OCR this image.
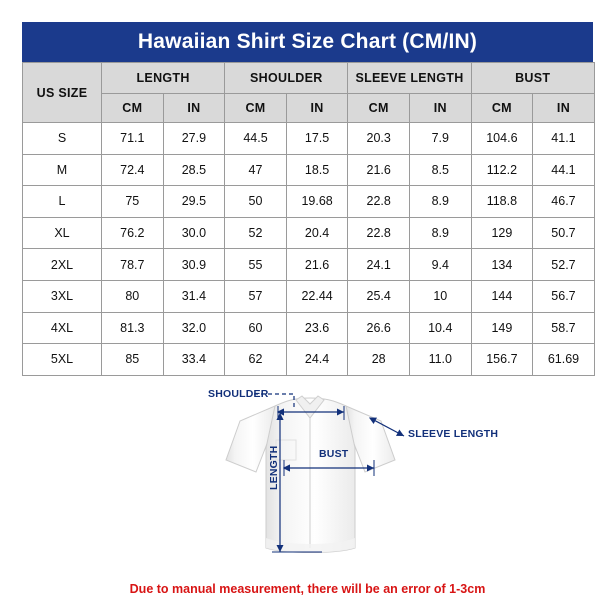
Hawaiian Shirt Size Chart (CM/IN)
US SIZE	LENGTH		SHOULDER		SLEEVE LENGTH		BUST	
	CM	IN	CM	IN	CM	IN	CM	IN
S	71.1	27.9	44.5	17.5	20.3	7.9	104.6	41.1
M	72.4	28.5	47	18.5	21.6	8.5	112.2	44.1
L	75	29.5	50	19.68	22.8	8.9	118.8	46.7
XL	76.2	30.0	52	20.4	22.8	8.9	129	50.7
2XL	78.7	30.9	55	21.6	24.1	9.4	134	52.7
3XL	80	31.4	57	22.44	25.4	10	144	56.7
4XL	81.3	32.0	60	23.6	26.6	10.4	149	58.7
5XL	85	33.4	62	24.4	28	11.0	156.7	61.69
SHOULDER
SLEEVE LENGTH
BUST
LENGTH
Due to manual measurement, there will be an error of 1-3cm
